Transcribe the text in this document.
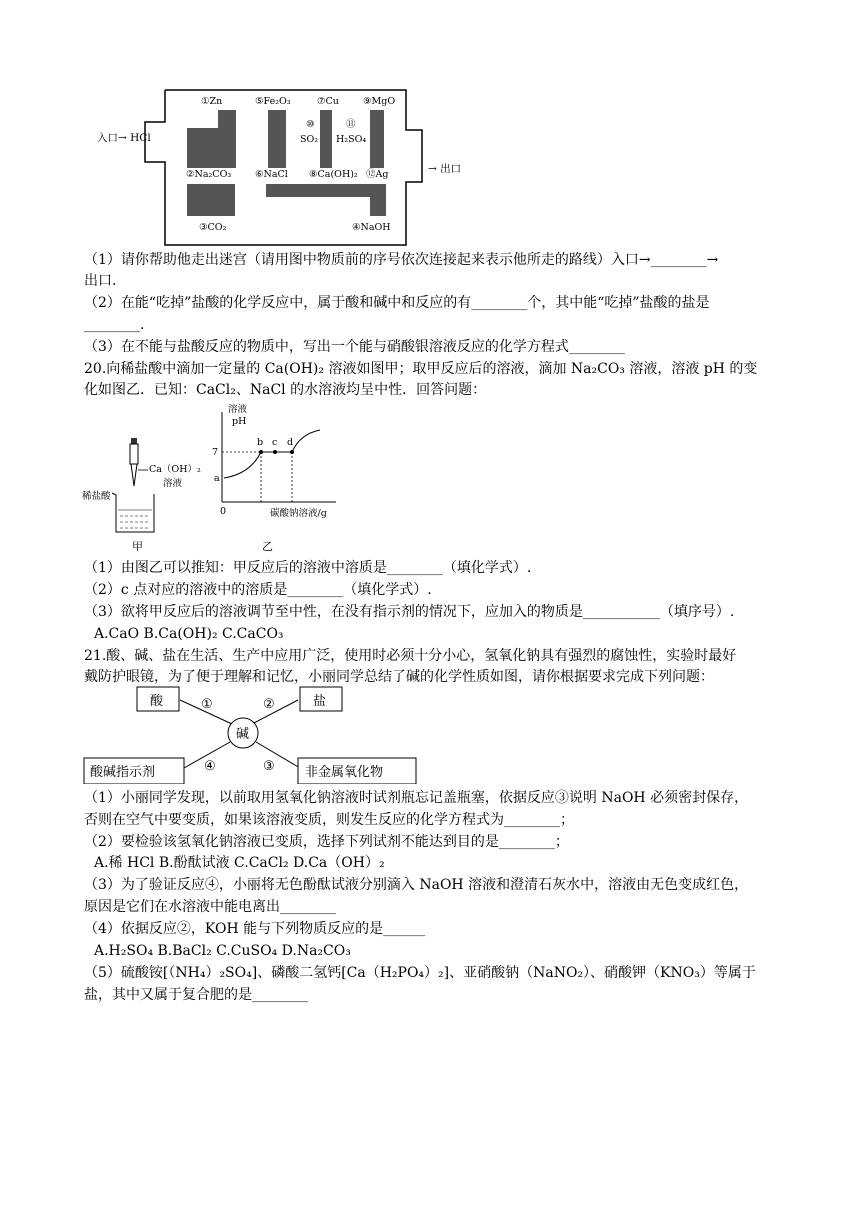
①Zn	⑤Fe₂O₃	⑦Cu	⑨MgO
⑩
SO₂
⑪
H₂SO₄
②Na₂CO₃	⑥NaCl ⑧Ca(OH)₂ ⑫Ag
③CO₂	④NaOH
入口→ HCl
→ 出口
（1）请你帮助他走出迷宫（请用图中物质前的序号依次连接起来表示他所走的路线）入口→________→
出口.
（2）在能“吃掉”盐酸的化学反应中，属于酸和碱中和反应的有________个，其中能“吃掉”盐酸的盐是
________.
（3）在不能与盐酸反应的物质中，写出一个能与硝酸银溶液反应的化学方程式________
20.向稀盐酸中滴加一定量的 Ca(OH)₂ 溶液如图甲；取甲反应后的溶液，滴加 Na₂CO₃ 溶液，溶液 pH 的变
化如图乙．已知：CaCl₂、NaCl 的水溶液均呈中性．回答问题：
Ca（OH）₂
溶液
稀盐酸
甲
溶液
pH
7
a
0
b c d
碳酸钠溶液/g
乙
（1）由图乙可以推知：甲反应后的溶液中溶质是________（填化学式）.
（2）c 点对应的溶液中的溶质是________（填化学式）.
（3）欲将甲反应后的溶液调节至中性，在没有指示剂的情况下，应加入的物质是___________（填序号）.
A.CaO B.Ca(OH)₂ C.CaCO₃
21.酸、碱、盐在生活、生产中应用广泛，使用时必须十分小心，氢氧化钠具有强烈的腐蚀性，实验时最好
戴防护眼镜，为了便于理解和记忆，小丽同学总结了碱的化学性质如图，请你根据要求完成下列问题：
酸	盐
碱
酸碱指示剂	非金属氧化物
①	②
④	③
（1）小丽同学发现，以前取用氢氧化钠溶液时试剂瓶忘记盖瓶塞，依据反应③说明 NaOH 必须密封保存，
否则在空气中要变质，如果该溶液变质，则发生反应的化学方程式为________；
（2）要检验该氢氧化钠溶液已变质，选择下列试剂不能达到目的是________；
A.稀 HCl B.酚酞试液 C.CaCl₂ D.Ca（OH）₂
（3）为了验证反应④，小丽将无色酚酞试液分别滴入 NaOH 溶液和澄清石灰水中，溶液由无色变成红色，
原因是它们在水溶液中能电离出________
（4）依据反应②，KOH 能与下列物质反应的是______
A.H₂SO₄ B.BaCl₂ C.CuSO₄ D.Na₂CO₃
（5）硫酸铵[（NH₄）₂SO₄]、磷酸二氢钙[Ca（H₂PO₄）₂]、亚硝酸钠（NaNO₂）、硝酸钾（KNO₃）等属于
盐，其中又属于复合肥的是________
